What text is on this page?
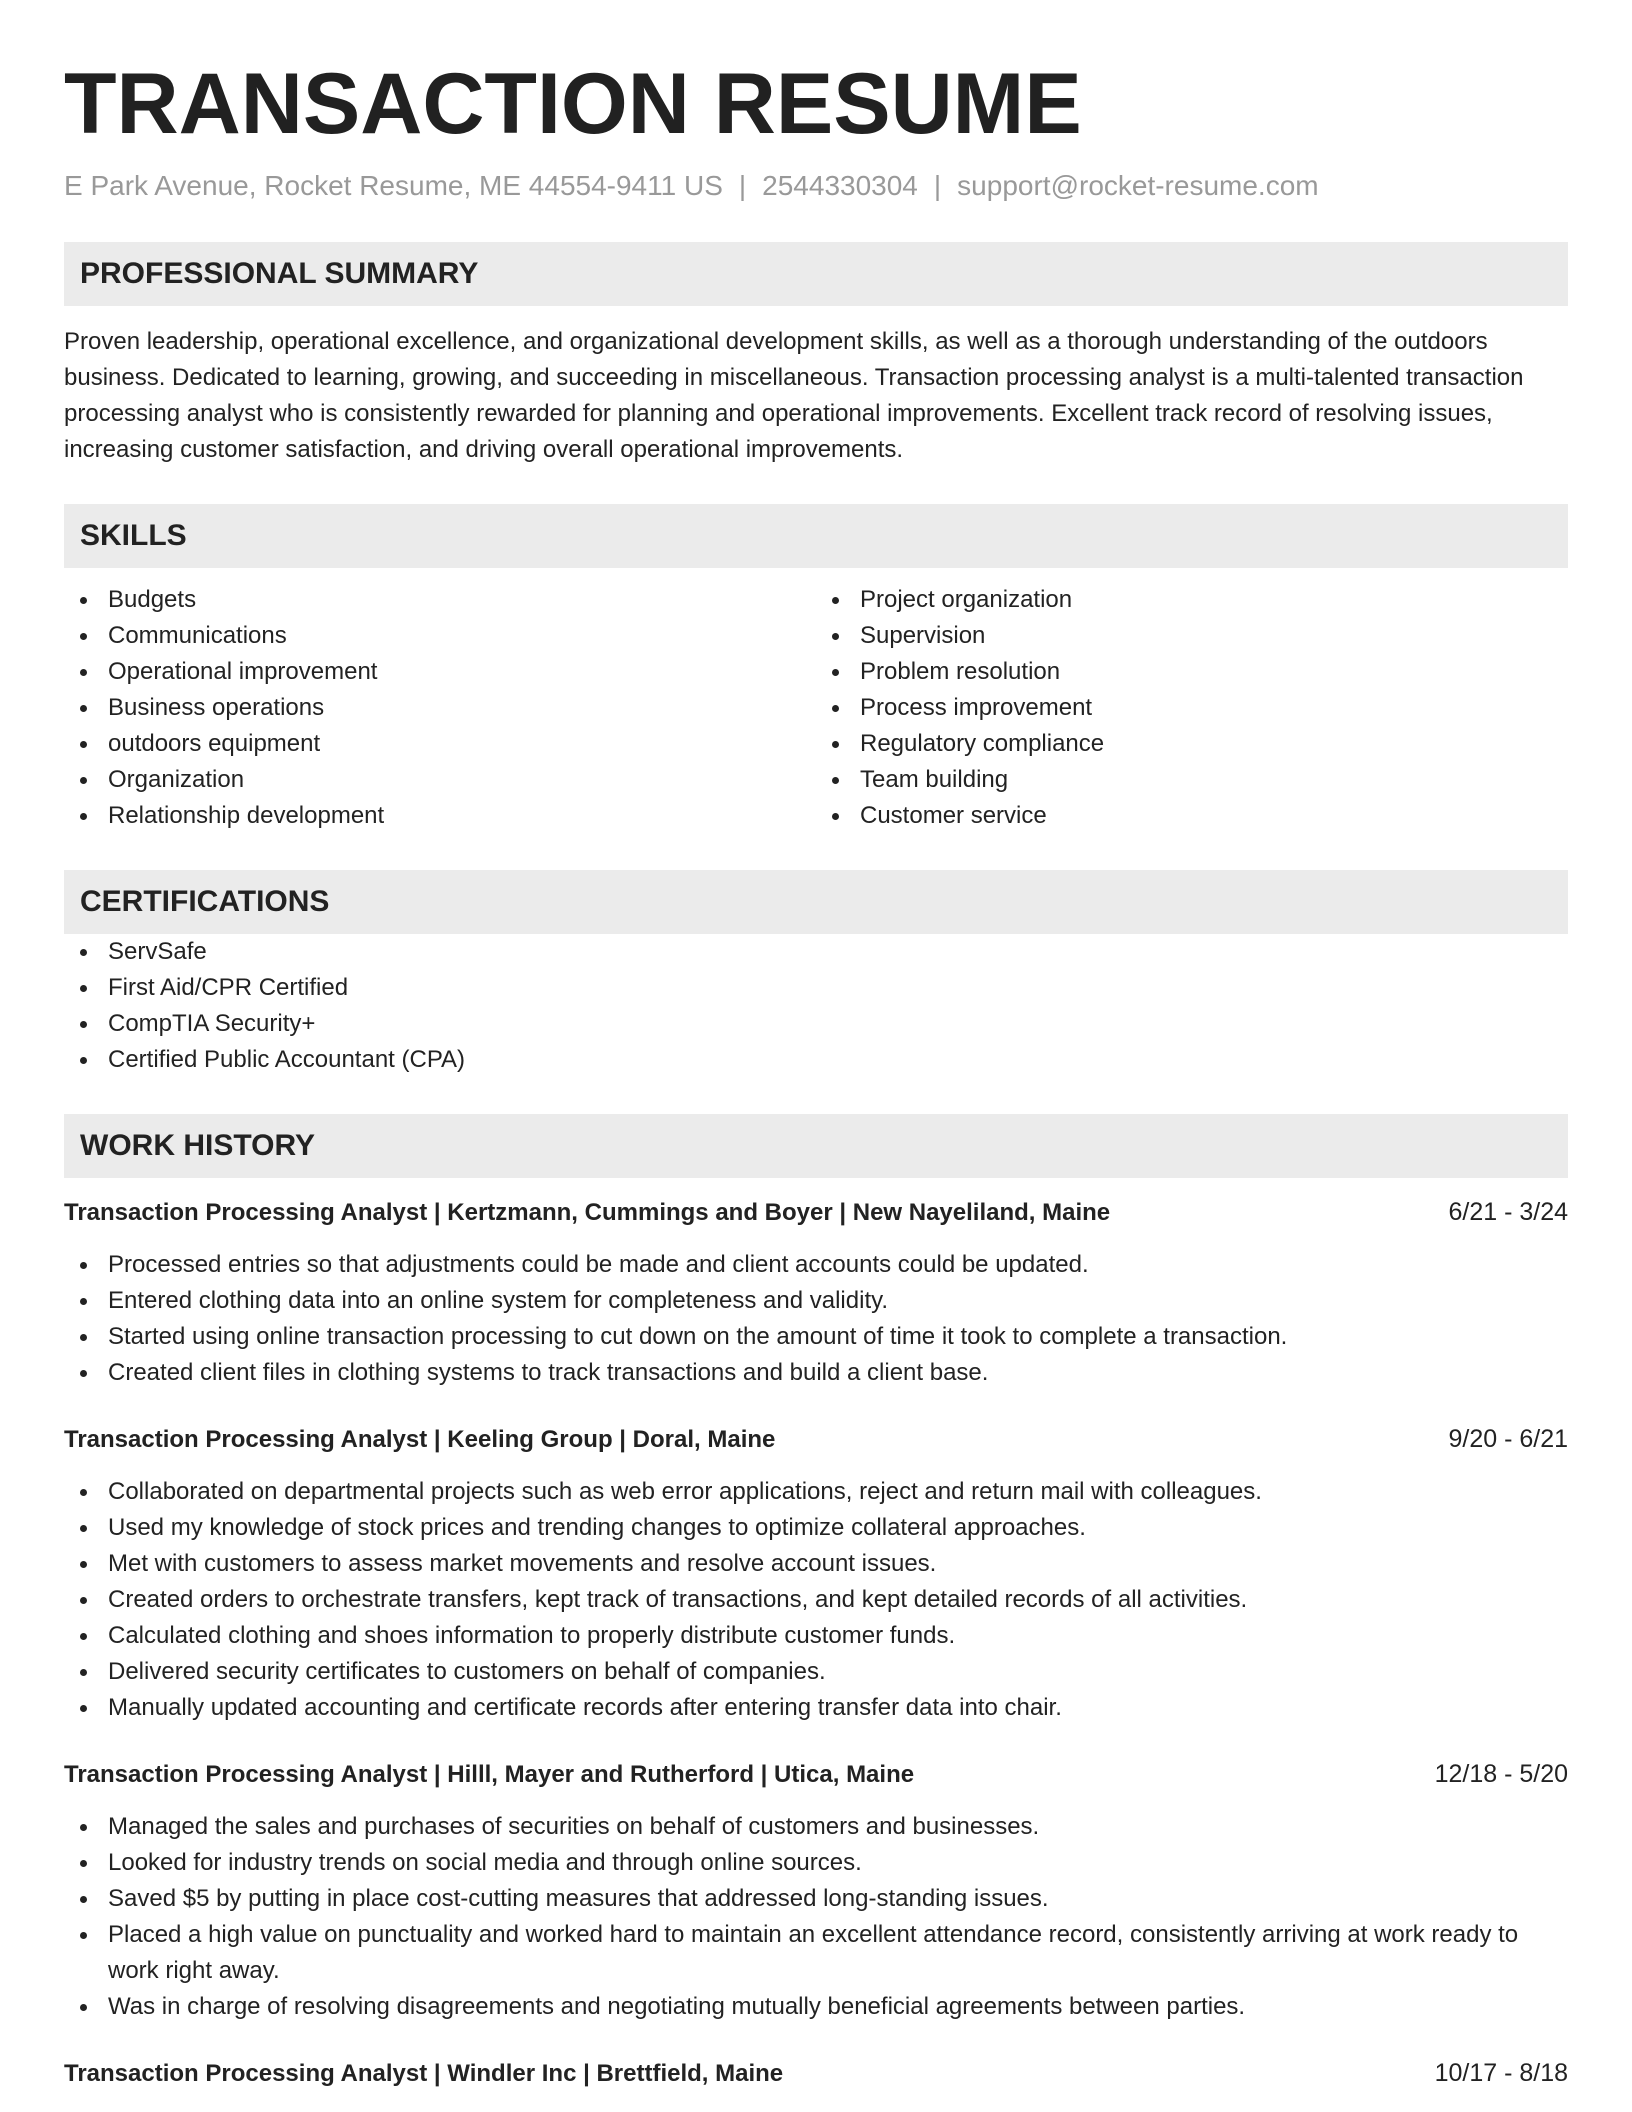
TRANSACTION RESUME
E Park Avenue, Rocket Resume, ME 44554-9411 US | 2544330304 | support@rocket-resume.com
PROFESSIONAL SUMMARY

Proven leadership, operational excellence, and organizational development skills, as well as a thorough understanding of the outdoors business. Dedicated to learning, growing, and succeeding in miscellaneous. Transaction processing analyst is a multi-talented transaction processing analyst who is consistently rewarded for planning and operational improvements. Excellent track record of resolving issues, increasing customer satisfaction, and driving overall operational improvements.

SKILLS
Budgets
Communications
Operational improvement
Business operations
outdoors equipment
Organization
Relationship development
Project organization
Supervision
Problem resolution
Process improvement
Regulatory compliance
Team building
Customer service
CERTIFICATIONS
ServSafe
First Aid/CPR Certified
CompTIA Security+
Certified Public Accountant (CPA)
WORK HISTORY
Transaction Processing Analyst | Kertzmann, Cummings and Boyer | New Nayeliland, Maine	6/21 - 3/24
Processed entries so that adjustments could be made and client accounts could be updated.
Entered clothing data into an online system for completeness and validity.
Started using online transaction processing to cut down on the amount of time it took to complete a transaction.
Created client files in clothing systems to track transactions and build a client base.
Transaction Processing Analyst | Keeling Group | Doral, Maine	9/20 - 6/21
Collaborated on departmental projects such as web error applications, reject and return mail with colleagues.
Used my knowledge of stock prices and trending changes to optimize collateral approaches.
Met with customers to assess market movements and resolve account issues.
Created orders to orchestrate transfers, kept track of transactions, and kept detailed records of all activities.
Calculated clothing and shoes information to properly distribute customer funds.
Delivered security certificates to customers on behalf of companies.
Manually updated accounting and certificate records after entering transfer data into chair.
Transaction Processing Analyst | Hilll, Mayer and Rutherford | Utica, Maine	12/18 - 5/20
Managed the sales and purchases of securities on behalf of customers and businesses.
Looked for industry trends on social media and through online sources.
Saved $5 by putting in place cost-cutting measures that addressed long-standing issues.
Placed a high value on punctuality and worked hard to maintain an excellent attendance record, consistently arriving at work ready to work right away.
Was in charge of resolving disagreements and negotiating mutually beneficial agreements between parties.
Transaction Processing Analyst | Windler Inc | Brettfield, Maine	10/17 - 8/18
